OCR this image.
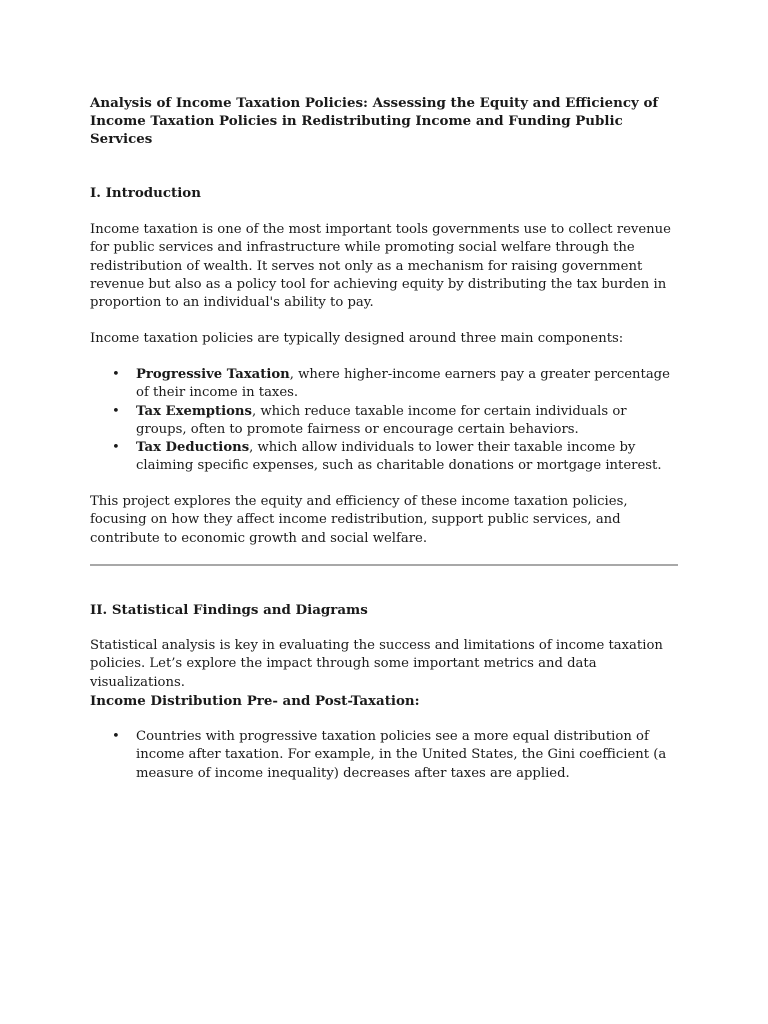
Analysis of Income Taxation Policies: Assessing the Equity and Efficiency of Income Taxation Policies in Redistributing Income and Funding Public Services
I. Introduction

Income taxation is one of the most important tools governments use to collect revenue for public services and infrastructure while promoting social welfare through the redistribution of wealth. It serves not only as a mechanism for raising government revenue but also as a policy tool for achieving equity by distributing the tax burden in proportion to an individual's ability to pay.

Income taxation policies are typically designed around three main components:

• Progressive Taxation, where higher-income earners pay a greater percentage of their income in taxes.
• Tax Exemptions, which reduce taxable income for certain individuals or groups, often to promote fairness or encourage certain behaviors.
• Tax Deductions, which allow individuals to lower their taxable income by claiming specific expenses, such as charitable donations or mortgage interest.

This project explores the equity and efficiency of these income taxation policies, focusing on how they affect income redistribution, support public services, and contribute to economic growth and social welfare.

II. Statistical Findings and Diagrams

Statistical analysis is key in evaluating the success and limitations of income taxation policies. Let’s explore the impact through some important metrics and data visualizations.

Income Distribution Pre- and Post-Taxation:
• Countries with progressive taxation policies see a more equal distribution of income after taxation. For example, in the United States, the Gini coefficient (a measure of income inequality) decreases after taxes are applied.
